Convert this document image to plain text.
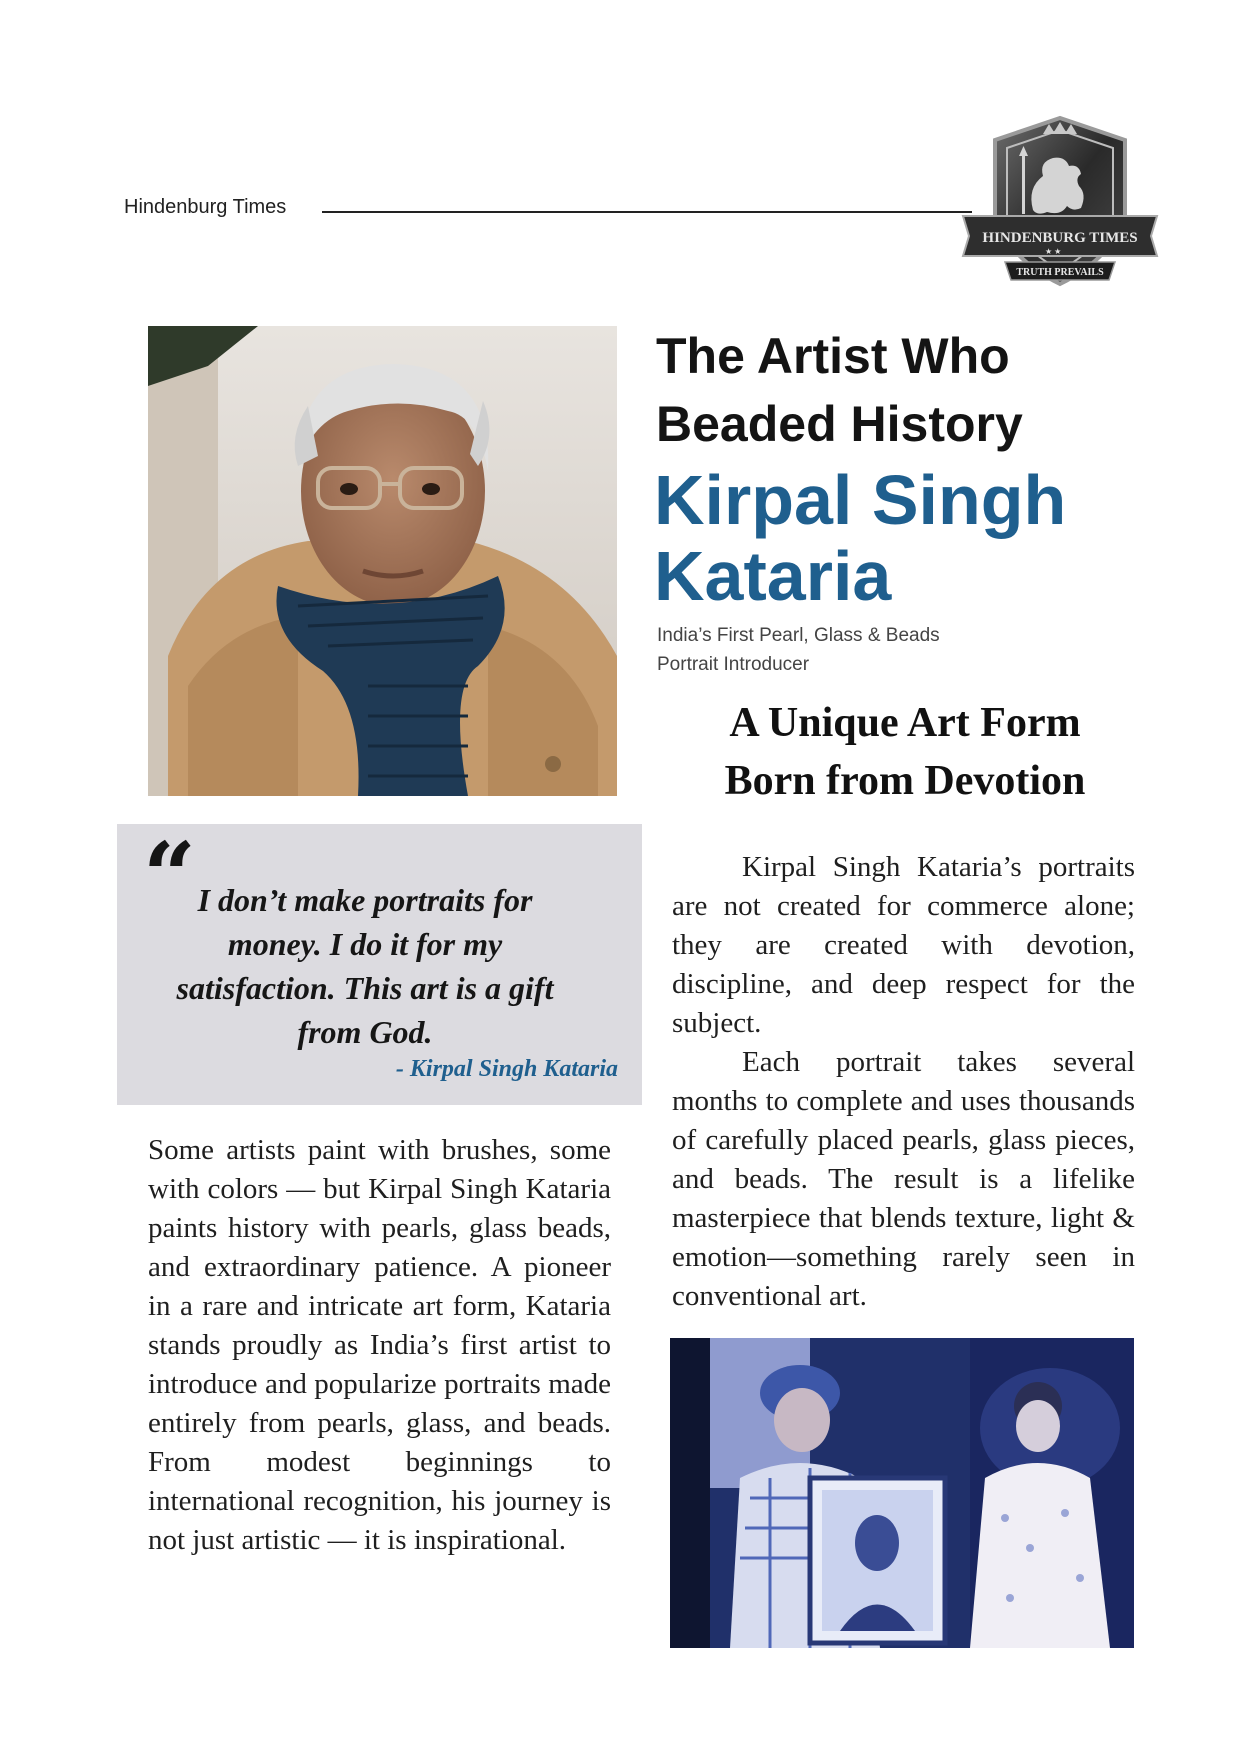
Hindenburg Times
HINDENBURG TIMES
★ ★
TRUTH PREVAILS
The Artist Who
Beaded History
Kirpal Singh
Kataria
India’s First Pearl, Glass & Beads
Portrait Introducer
A Unique Art Form
Born from Devotion
“ I don’t make portraits for money. I do it for my satisfaction. This art is a gift from God.
- Kirpal Singh Kataria
Some artists paint with brushes, some with colors — but Kirpal Singh Kataria paints history with pearls, glass beads, and extraordinary patience. A pioneer in a rare and intricate art form, Kataria stands proudly as India’s first artist to introduce and popularize portraits made entirely from pearls, glass, and beads. From modest beginnings to international recognition, his journey is not just artistic — it is inspirational.

Kirpal Singh Kataria’s portraits are not created for commerce alone; they are created with devotion, discipline, and deep respect for the subject.

Each portrait takes several months to complete and uses thousands of carefully placed pearls, glass pieces, and beads. The result is a lifelike masterpiece that blends texture, light & emotion—something rarely seen in conventional art.
